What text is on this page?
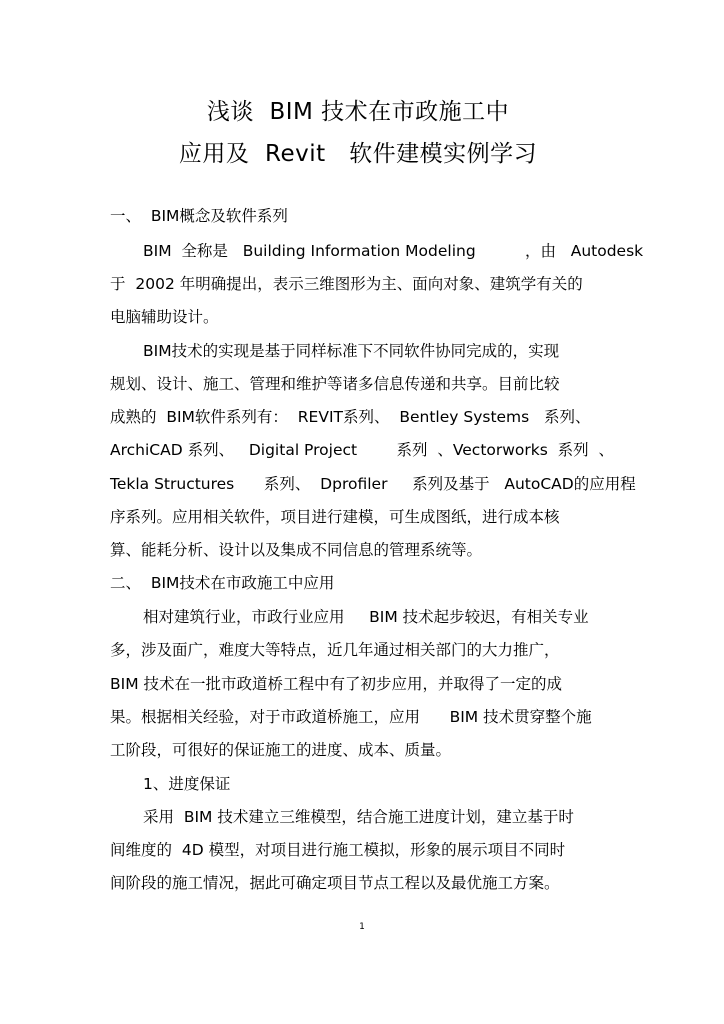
浅谈  BIM 技术在市政施工中
应用及  Revit   软件建模实例学习

一、  BIM概念及软件系列

BIM  全称是   Building Information Modeling          ，由   Autodesk

于  2002 年明确提出，表示三维图形为主、面向对象、建筑学有关的

电脑辅助设计。

BIM技术的实现是基于同样标准下不同软件协同完成的，实现

规划、设计、施工、管理和维护等诸多信息传递和共享。目前比较

成熟的  BIM软件系列有：  REVIT系列、  Bentley Systems   系列、

ArchiCAD 系列、   Digital Project        系列  、Vectorworks  系列  、

Tekla Structures      系列、  Dprofiler     系列及基于   AutoCAD的应用程

序系列。应用相关软件，项目进行建模，可生成图纸，进行成本核

算、能耗分析、设计以及集成不同信息的管理系统等。

二、  BIM技术在市政施工中应用

相对建筑行业，市政行业应用     BIM 技术起步较迟，有相关专业

多，涉及面广，难度大等特点，近几年通过相关部门的大力推广，

BIM 技术在一批市政道桥工程中有了初步应用，并取得了一定的成

果。根据相关经验，对于市政道桥施工，应用      BIM 技术贯穿整个施

工阶段，可很好的保证施工的进度、成本、质量。

1、进度保证

采用  BIM 技术建立三维模型，结合施工进度计划，建立基于时

间维度的  4D 模型，对项目进行施工模拟，形象的展示项目不同时

间阶段的施工情况，据此可确定项目节点工程以及最优施工方案。

1
